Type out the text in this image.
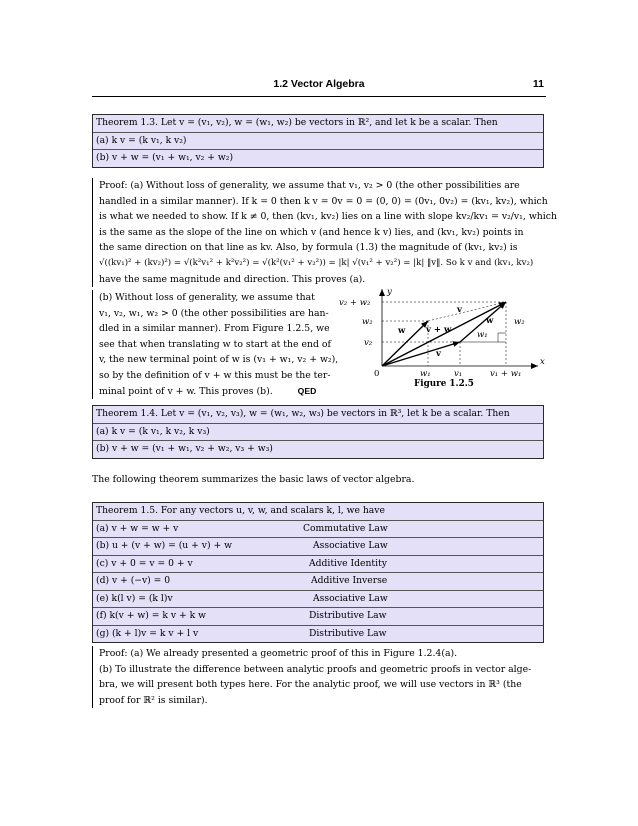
1.2 Vector Algebra	11
Theorem 1.3. Let v = (v₁, v₂), w = (w₁, w₂) be vectors in ℝ², and let k be a scalar. Then
(a) k v = (k v₁, k v₂)
(b) v + w = (v₁ + w₁, v₂ + w₂)
Proof: (a) Without loss of generality, we assume that v₁, v₂ > 0 (the other possibilities are
handled in a similar manner). If k = 0 then k v = 0v = 0 = (0, 0) = (0v₁, 0v₂) = (kv₁, kv₂), which
is what we needed to show. If k ≠ 0, then (kv₁, kv₂) lies on a line with slope kv₂/kv₁ = v₂/v₁, which
is the same as the slope of the line on which v (and hence k v) lies, and (kv₁, kv₂) points in
the same direction on that line as kv. Also, by formula (1.3) the magnitude of (kv₁, kv₂) is
√((kv₁)² + (kv₂)²) = √(k²v₁² + k²v₂²) = √(k²(v₁² + v₂²)) = |k| √(v₁² + v₂²) = |k| ‖v‖. So k v and (kv₁, kv₂)
have the same magnitude and direction. This proves (a).
(b) Without loss of generality, we assume that
v₁, v₂, w₁, w₂ > 0 (the other possibilities are han-
dled in a similar manner). From Figure 1.2.5, we
see that when translating w to start at the end of
v, the new terminal point of w is (v₁ + w₁, v₂ + w₂),
so by the definition of v + w this must be the ter-
minal point of v + w. This proves (b).	QED
y
x
0
v₂ + w₂
w₂
v₂
w₁	v₁	v₁ + w₁
w₂
w₁
v
w
w v + w
v
Figure 1.2.5
Theorem 1.4. Let v = (v₁, v₂, v₃), w = (w₁, w₂, w₃) be vectors in ℝ³, let k be a scalar. Then
(a) k v = (k v₁, k v₂, k v₃)
(b) v + w = (v₁ + w₁, v₂ + w₂, v₃ + w₃)
The following theorem summarizes the basic laws of vector algebra.
Theorem 1.5. For any vectors u, v, w, and scalars k, l, we have
(a) v + w = w + v	Commutative Law
(b) u + (v + w) = (u + v) + w	Associative Law
(c) v + 0 = v = 0 + v	Additive Identity
(d) v + (−v) = 0	Additive Inverse
(e) k(l v) = (k l)v	Associative Law
(f) k(v + w) = k v + k w	Distributive Law
(g) (k + l)v = k v + l v	Distributive Law
Proof: (a) We already presented a geometric proof of this in Figure 1.2.4(a).
(b) To illustrate the difference between analytic proofs and geometric proofs in vector alge-
bra, we will present both types here. For the analytic proof, we will use vectors in ℝ³ (the
proof for ℝ² is similar).
